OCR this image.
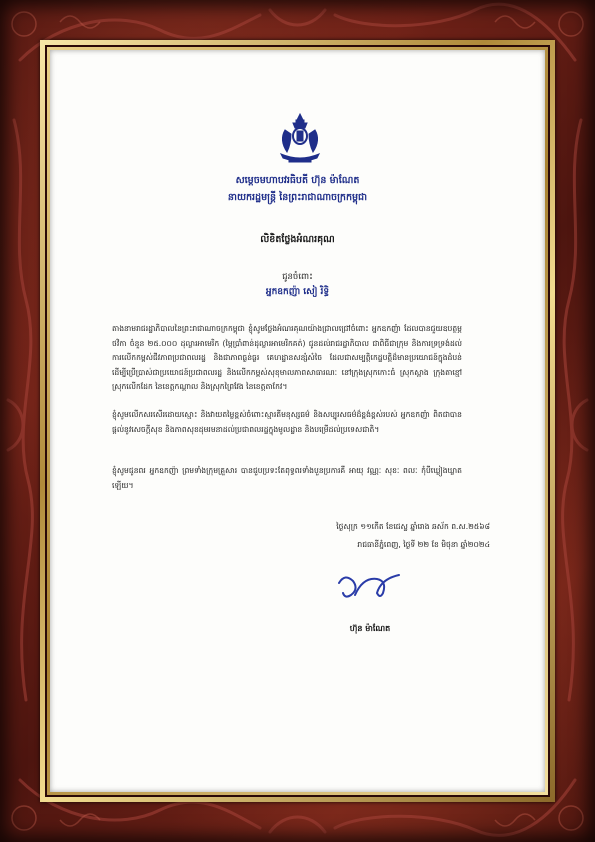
សម្ដេចមហាបវរធិបតី ហ៊ុន ម៉ាណែត
នាយករដ្ឋមន្ត្រី នៃព្រះរាជាណាចក្រកម្ពុជា
លិខិតថ្លែងអំណរគុណ
ជូនចំពោះ
អ្នកឧកញ៉ា សៀ រិទ្ធិ
តាងនាមរាជរដ្ឋាភិបាលនៃព្រះរាជាណាចក្រកម្ពុជា ខ្ញុំសូមថ្លែងអំណរគុណយ៉ាងជ្រាលជ្រៅចំពោះ អ្នកឧកញ៉ា ដែលបានជួយឧបត្ថម្ភថវិកា ចំនួន ២៥.០០០ ដុល្លារអាមេរិក (ម្ភៃប្រាំពាន់ដុល្លារអាមេរិកគត់) ជូនដល់រាជរដ្ឋាភិបាល ជាពិធីជាក្រុម និងការទ្រទ្រង់ដល់ការលើកកម្ពស់ជីវភាពប្រជាពលរដ្ឋ និងជាភាពធ្ងន់ធ្ងរ គេហដ្ឋានសន្សំសំចៃ ដែលជាសម្បត្តិកេដ្ឋបត្តិដ៏មានប្រយោជន៍ក្នុងដំបន់ ដើម្បីប្រើប្រាស់ជាប្រយោជន៍ប្រជាពលរដ្ឋ និងលើកកម្ពស់សុខុមាលភាពសាធារណៈ នៅក្រុងស្រុកកោះធំ ស្រុកស្អាង ក្រុងតាខ្មៅ ស្រុកលើកដែក នៃខេត្តកណ្ដាល និងស្រុកព្រៃវែង នៃខេត្តតាកែវ។
ខ្ញុំសូមលើកសរសើរដោយស្មោះ និងវាយតម្លៃខ្ពស់ចំពោះស្មារតីមនុស្សធម៌ និងសប្បុរសធម៌ដ៏ខ្ពង់ខ្ពស់របស់ អ្នកឧកញ៉ា ពិតជាបានផ្ដល់នូវសេចក្ដីសុខ និងភាពសុខដុមរមនាដល់ប្រជាពលរដ្ឋក្នុងមូលដ្ឋាន និងបម្រើដល់ប្រទេសជាតិ។
ខ្ញុំសូមជូនពរ អ្នកឧកញ៉ា ព្រមទាំងក្រុមគ្រួសារ បានជួបប្រទះតែពុទ្ធពរទាំងបួនប្រការគឺ អាយុ វណ្ណៈ សុខៈ ពលៈ កុំបីឃ្លៀងឃ្លាតឡើយ។
ថ្ងៃសុក្រ ១១កើត ខែជេស្ឋ ឆ្នាំរោង ឆស័ក ព.ស.២៥៦៨
រាជធានីភ្នំពេញ, ថ្ងៃទី ២២ ខែ មិថុនា ឆ្នាំ២០២៤
ហ៊ុន ម៉ាណែត
